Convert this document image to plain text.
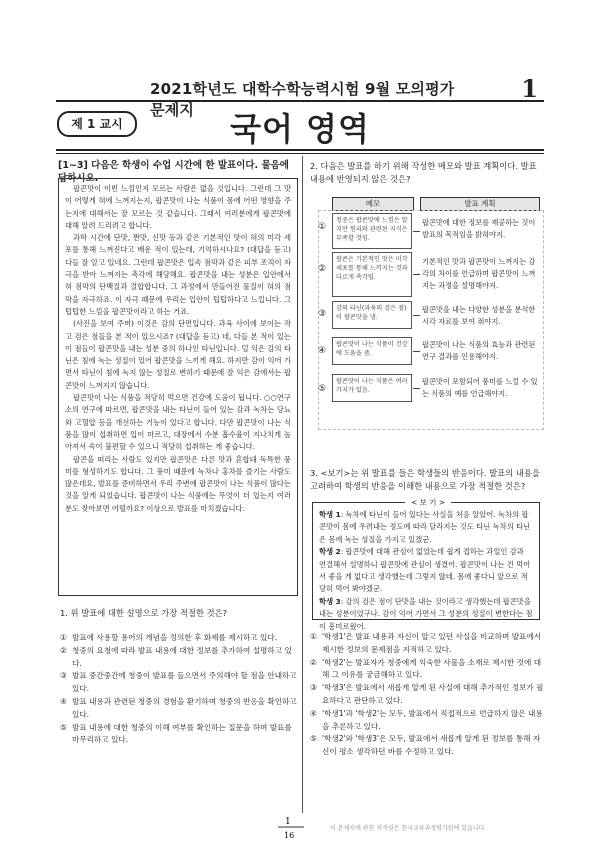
2021학년도 대학수학능력시험 9월 모의평가 문제지
1
제 1 교시	국어 영역
[1~3] 다음은 학생이 수업 시간에 한 발표이다. 물음에 답하시오.

팝콘맛이 이빈 느낌인지 모르는 사람은 없을 것입니다. 그런데 그 맛이 어떻게 혀에 느껴지는지, 팝콘맛이 나는 식품이 몸에 어떤 영향을 주는지에 대해서는 잘 모르는 것 같습니다. 그래서 여러분에게 팝콘맛에 대해 알려 드리려고 합니다.

과학 시간에 단맛, 짠맛, 신맛 등과 같은 기본적인 맛이 혀의 미각 세포를 통해 느껴진다고 배운 적이 있는데, 기억하시나요? (대답을 듣고) 다들 잘 알고 있네요. 그런데 팝콘맛은 입속 점막과 같은 피부 조직이 자극을 받아 느껴지는 촉각에 해당해요. 팝콘맛을 내는 성분은 입안에서 혀 점막의 단백질과 결합합니다. 그 과정에서 만들어진 물질이 혀의 점막을 자극하죠. 이 자극 때문에 우리는 입안이 텁텁하다고 느낍니다. 그 텁텁한 느낌을 팝콘맛이라고 하는 거죠.

(사진을 보여 주며) 이것은 감의 단면입니다. 과육 사이에 보이는 작고 검은 점들을 본 적이 있으시죠? (대답을 듣고) 네, 다들 본 적이 있는 이 점들이 팝콘맛을 내는 성분 중의 하나인 타닌입니다. 덜 익은 감의 타닌은 침에 녹는 성질이 있어 팝콘맛을 느끼게 해요. 하지만 감이 익어 가면서 타닌이 침에 녹지 않는 성질로 변하기 때문에 잘 익은 감에서는 팝콘맛이 느껴지지 않습니다.

팝콘맛이 나는 식품을 적당히 먹으면 건강에 도움이 됩니다. ○○연구소의 연구에 따르면, 팝콘맛을 내는 타닌이 들어 있는 감과 녹차는 당뇨와 고혈압 등을 개선하는 기능이 있다고 합니다. 다만 팝콘맛이 나는 식품을 많이 섭취하면 입이 마르고, 대장에서 수분 흡수율이 지나치게 높아져서 속이 불편할 수 있으니 적당히 섭취하는 게 좋습니다.

팝콘을 떠리는 사람도 있지만 팝콘맛은 다른 맛과 혼합돼 독특한 풍미를 형성하기도 합니다. 그 풍미 때문에 녹차나 홍차를 즐기는 사람도 많은데요, 발표를 준비하면서 우리 주변에 팝콘맛이 나는 식품이 많다는 것을 알게 되었습니다. 팝콘맛이 나는 식품에는 무엇이 더 있는지 여러분도 찾아보면 어떨까요? 이상으로 발표를 마치겠습니다.

1. 위 발표에 대한 설명으로 가장 적절한 것은?
① 발표에 사용할 용어의 개념을 정의한 후 화제를 제시하고 있다.
② 청중의 요청에 따라 발표 내용에 대한 정보를 추가하여 설명하고 있다.
③ 발표 중간중간에 청중이 발표를 들으면서 주의해야 할 점을 안내하고 있다.
④ 발표 내용과 관련된 청중의 경험을 환기하며 청중의 반응을 확인하고 있다.
⑤ 발표 내용에 대한 청중의 이해 여부를 확인하는 질문을 하며 발표를 마무리하고 있다.
2. 다음은 발표를 하기 위해 작성한 메모와 발표 계획이다. 발표 내용에 반영되지 않은 것은?
메모	발표 계획
①
청중은 팝콘맛에 느낌은 알지만 원리와 관련된 지식은 부족할 것임.
팝콘맛에 대한 정보를 제공하는 것이 발표의 목적임을 밝혀야지.
②
팝콘은 기본적인 맛은 미각 세포를 통해 느끼지는 것과 다르게 촉각임.
기본적인 맛과 팝콘맛이 느껴지는 감각의 차이를 언급하며 팝콘맛이 느껴지는 과정을 설명해야지.
③
감의 타닌(과육의 검은 점)이 팝콘맛을 냄.
팝콘맛을 내는 다양한 성분을 분석한 시각 자료를 보여 줘야지.
④
팝콘맛이 나는 식품이 건강에 도움을 줌.
팝콘맛이 나는 식품의 효능과 관련된 연구 결과를 인용해야지.
⑤
팝콘맛이 나는 식품은 여러 가지가 있음.
팝콘맛이 포함되어 풍미를 느낄 수 있는 식품의 예를 언급해야지.
3. <보기>는 위 발표를 들은 학생들의 반응이다. 발표의 내용을 고려하여 학생의 반응을 이해한 내용으로 가장 적절한 것은?
학생 1: 녹차에 타닌이 들어 있다는 사실을 처음 알았어. 녹차의 팝콘맛이 몸에 우려내는 정도에 따라 달라지는 것도 타닌 녹차의 타닌은 몸에 녹는 성질을 가지고 있겠군.
학생 2: 팝콘맛에 대해 관심이 없었는데 쉽게 접하는 과일인 감과 연결해서 설명하니 팝콘맛에 관심이 생겼어. 팝콘맛이 나는 건 먹어서 좋을 게 없다고 생각했는데 그렇지 않네. 몸에 좋다니 앞으로 적당히 먹어 봐야겠군.
학생 3: 감의 검은 점이 단맛을 내는 것이라고 생각했는데 팝콘맛을 내는 성분이었구나. 감이 익어 가면서 그 성분의 성질이 변한다는 점이 흥미로웠어.
< 보 기 >
① '학생1'은 발표 내용과 자신이 알고 있던 사실을 비교하며 발표에서 제시한 정보의 문제점을 지적하고 있다.
② '학생2'는 발표자가 청중에게 익숙한 사물을 소재로 제시한 것에 대해 그 이유를 궁금해하고 있다.
③ '학생3'은 발표에서 새롭게 알게 된 사실에 대해 추가적인 정보가 필요하다고 판단하고 있다.
④ '학생1'과 '학생2'는 모두, 발표에서 직접적으로 언급하지 않은 내용을 추론하고 있다.
⑤ '학생2'와 '학생3'은 모두, 발표에서 새롭게 알게 된 정보를 통해 자신이 평소 생각하던 바를 수정하고 있다.
1
16
이 문제지에 관한 저작권은 한국교육과정평가원에 있습니다.
